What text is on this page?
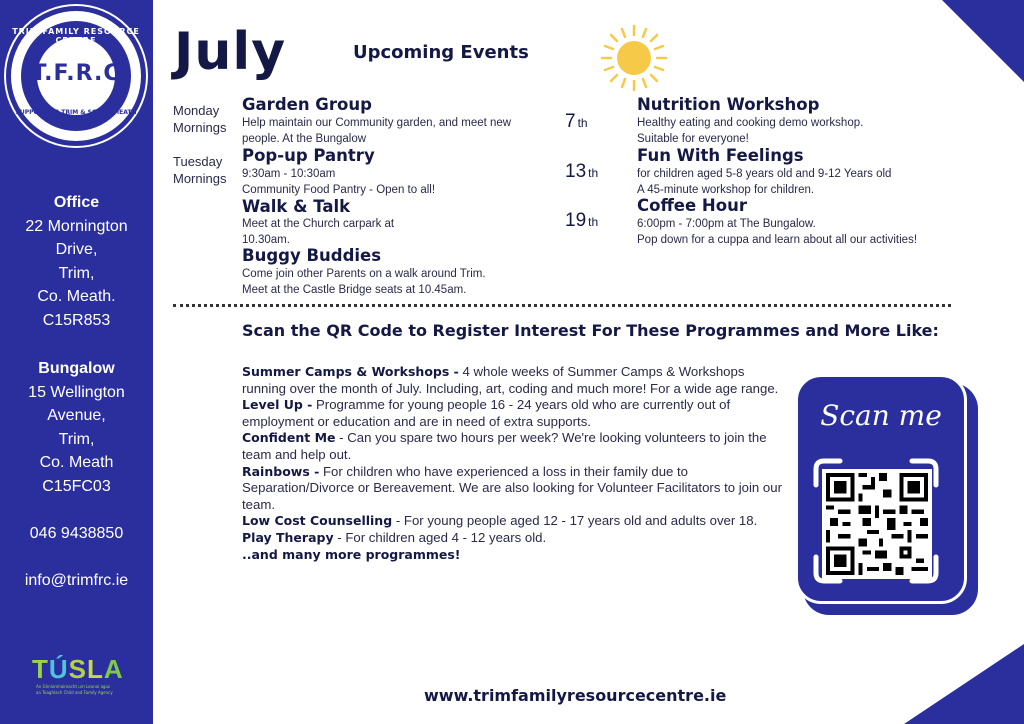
TRIM FAMILY RESOURCE CENTRE
T.F.R.C
SUPPORTING TRIM & SOUTH MEATH
Office
22 Mornington
Drive,
Trim,
Co. Meath.
C15R853
Bungalow
15 Wellington
Avenue,
Trim,
Co. Meath
C15FC03
046 9438850
info@trimfrc.ie
TÚSLA
An Ghníomhaireacht um Leanaí agus an Teaghlach Child and Family Agency
July	Upcoming Events
Monday
Mornings
Tuesday
Mornings
Garden Group
Help maintain our Community garden, and meet new people. At the Bungalow
Pop-up Pantry
9:30am - 10:30am
Community Food Pantry - Open to all!
Walk & Talk
Meet at the Church carpark at 10.30am.
Buggy Buddies
Come join other Parents on a walk around Trim.
Meet at the Castle Bridge seats at 10.45am.
7 th
Nutrition Workshop
Healthy eating and cooking demo workshop.
Suitable for everyone!
13 th
Fun With Feelings
for children aged 5-8 years old and 9-12 Years old
A 45-minute workshop for children.
19 th
Coffee Hour
6:00pm - 7:00pm at The Bungalow.
Pop down for a cuppa and learn about all our activities!
Scan the QR Code to Register Interest For These Programmes and More Like:

Summer Camps & Workshops - 4 whole weeks of Summer Camps & Workshops running over the month of July. Including, art, coding and much more! For a wide age range.

Level Up - Programme for young people 16 - 24 years old who are currently out of employment or education and are in need of extra supports.

Confident Me - Can you spare two hours per week? We're looking volunteers to join the team and help out.

Rainbows - For children who have experienced a loss in their family due to Separation/Divorce or Bereavement. We are also looking for Volunteer Facilitators to join our team.

Low Cost Counselling - For young people aged 12 - 17 years old and adults over 18.

Play Therapy - For children aged 4 - 12 years old.

..and many more programmes!

Scan me
www.trimfamilyresourcecentre.ie
